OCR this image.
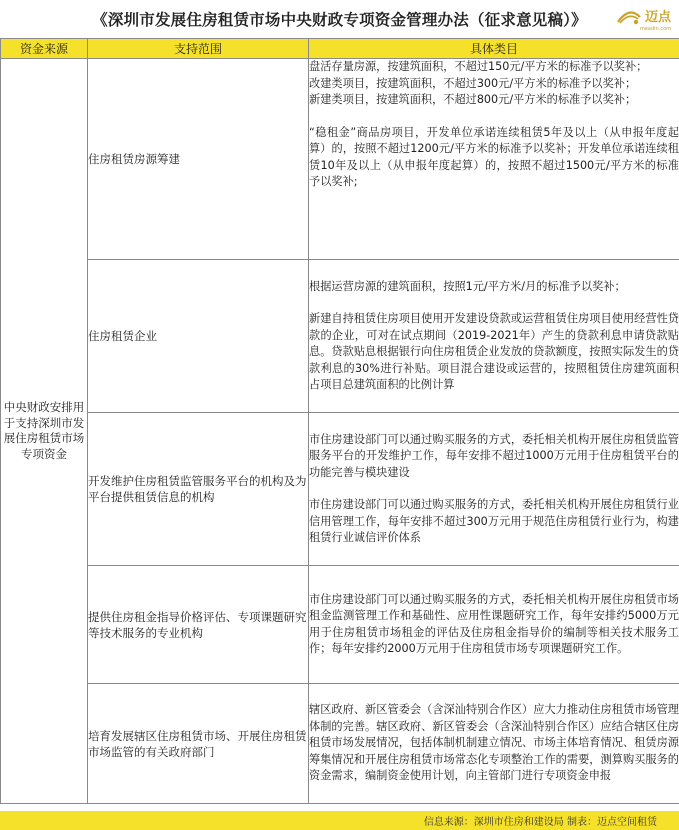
《深圳市发展住房租赁市场中央财政专项资金管理办法（征求意见稿）》	迈点
meadin.com
资金来源	支持范围	具体类目
中央财政安排用于支持深圳市发展住房租赁市场专项资金	住房租赁房源筹建	盘活存量房源，按建筑面积，不超过150元/平方米的标准予以奖补；

改建类项目，按建筑面积，不超过300元/平方米的标准予以奖补；

新建类项目，按建筑面积，不超过800元/平方米的标准予以奖补；

“稳租金”商品房项目，开发单位承诺连续租赁5年及以上（从申报年度起算）的，按照不超过1200元/平方米的标准予以奖补；开发单位承诺连续租赁10年及以上（从申报年度起算）的，按照不超过1500元/平方米的标准予以奖补;

	住房租赁企业	根据运营房源的建筑面积，按照1元/平方米/月的标准予以奖补；

新建自持租赁住房项目使用开发建设贷款或运营租赁住房项目使用经营性贷款的企业，可对在试点期间（2019-2021年）产生的贷款利息申请贷款贴息。贷款贴息根据银行向住房租赁企业发放的贷款额度，按照实际发生的贷款利息的30%进行补贴。项目混合建设或运营的，按照租赁住房建筑面积占项目总建筑面积的比例计算

	开发维护住房租赁监管服务平台的机构及为平台提供租赁信息的机构	市住房建设部门可以通过购买服务的方式，委托相关机构开展住房租赁监管服务平台的开发维护工作，每年安排不超过1000万元用于住房租赁平台的功能完善与模块建设

市住房建设部门可以通过购买服务的方式，委托相关机构开展住房租赁行业信用管理工作，每年安排不超过300万元用于规范住房租赁行业行为，构建租赁行业诚信评价体系

	提供住房租金指导价格评估、专项课题研究等技术服务的专业机构	市住房建设部门可以通过购买服务的方式，委托相关机构开展住房租赁市场租金监测管理工作和基础性、应用性课题研究工作，每年安排约5000万元用于住房租赁市场租金的评估及住房租金指导价的编制等相关技术服务工作；每年安排约2000万元用于住房租赁市场专项课题研究工作。

	培育发展辖区住房租赁市场、开展住房租赁市场监管的有关政府部门	辖区政府、新区管委会（含深汕特别合作区）应大力推动住房租赁市场管理体制的完善。辖区政府、新区管委会（含深汕特别合作区）应结合辖区住房租赁市场发展情况，包括体制机制建立情况、市场主体培育情况、租赁房源筹集情况和开展住房租赁市场常态化专项整治工作的需要，测算购买服务的资金需求，编制资金使用计划，向主管部门进行专项资金申报

信息来源：深圳市住房和建设局 制表：迈点空间租赁
